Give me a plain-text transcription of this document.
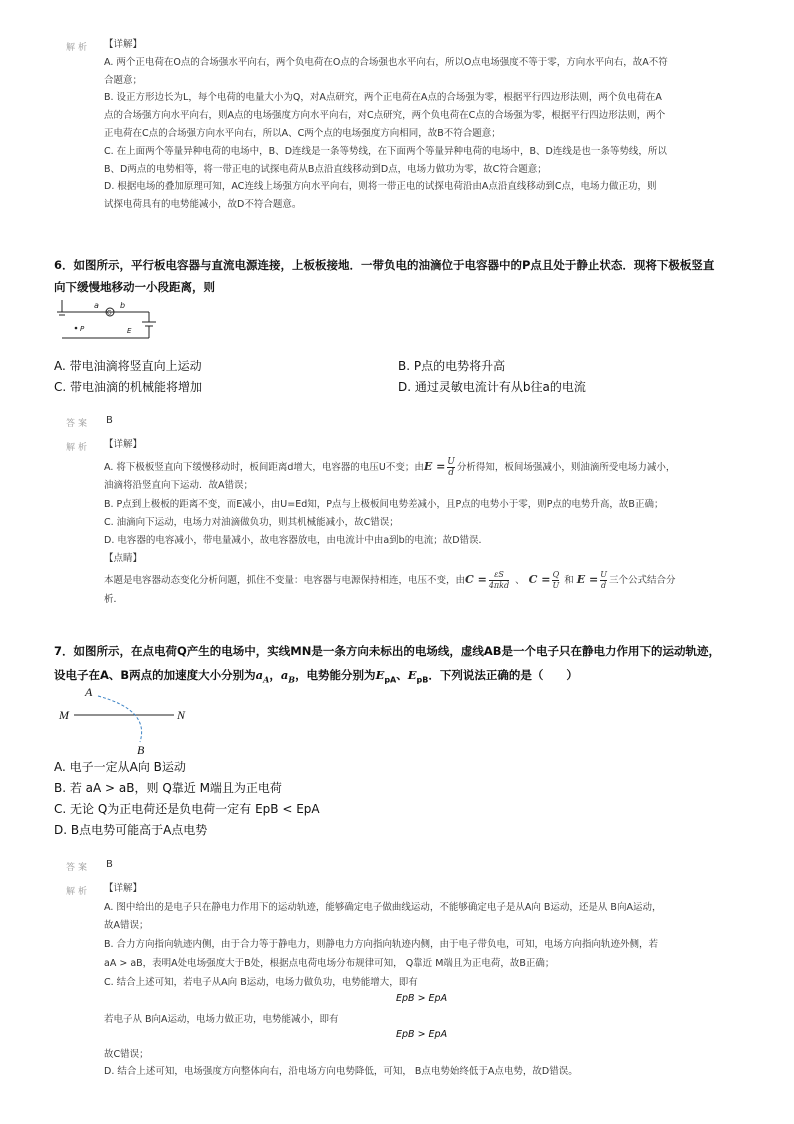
解析 【详解】
A. 两个正电荷在O点的合场强水平向右，两个负电荷在O点的合场强也水平向右，所以O点电场强度不等于零，方向水平向右，故A不符
合题意；
B. 设正方形边长为L，每个电荷的电量大小为Q，对A点研究，两个正电荷在A点的合场强为零，根据平行四边形法则，两个负电荷在A
点的合场强方向水平向右，则A点的电场强度方向水平向右，对C点研究，两个负电荷在C点的合场强为零，根据平行四边形法则，两个
正电荷在C点的合场强方向水平向右，所以A、C两个点的电场强度方向相同，故B不符合题意；
C. 在上面两个等量异种电荷的电场中，B、D连线是一条等势线，在下面两个等量异种电荷的电场中，B、D连线是也一条等势线，所以
B、D两点的电势相等，将一带正电的试探电荷从B点沿直线移动到D点，电场力做功为零，故C符合题意；
D. 根据电场的叠加原理可知，AC连线上场强方向水平向右，则将一带正电的试探电荷沿由A点沿直线移动到C点，电场力做正功，则
试探电荷具有的电势能减小，故D不符合题意。
6．如图所示，平行板电容器与直流电源连接，上板板接地．一带负电的油滴位于电容器中的P点且处于静止状态．现将下极板竖直
向下缓慢地移动一小段距离，则
a	b
G
P	E
A. 带电油滴将竖直向上运动	B. P点的电势将升高
C. 带电油滴的机械能将增加	D. 通过灵敏电流计有从b往a的电流
答案 B
解析 【详解】
A. 将下极板竖直向下缓慢移动时，板间距离d增大，电容器的电压U不变；由$E = \frac{U}{d}$ 分析得知，板间场强减小，则油滴所受电场力减小，
油滴将沿竖直向下运动．故A错误；
B. P点到上极板的距离不变，而E减小，由U=Ed知，P点与上极板间电势差减小，且P点的电势小于零，则P点的电势升高，故B正确；
C. 油滴向下运动，电场力对油滴做负功，则其机械能减小，故C错误；
D. 电容器的电容减小，带电量减小，故电容器放电，由电流计中由a到b的电流；故D错误．
【点睛】
本题是电容器动态变化分析问题，抓住不变量：电容器与电源保持相连，电压不变，由C = εS
4πkd 、 $C = \frac{Q}{U}$ 和 $E = \frac{U}{d}$ 三个公式结合分
析．
7．如图所示，在点电荷Q产生的电场中，实线MN是一条方向未标出的电场线，虚线AB是一个电子只在静电力作用下的运动轨迹，
设电子在A、B两点的加速度大小分别为$a_A$，$a_B$，电势能分别为$E_{pA}$、$E_{pB}$．下列说法正确的是（　　）
M	N
A
B
A. 电子一定从A向 B运动
B. 若 aA > aB，则 Q靠近 M端且为正电荷
C. 无论 Q为正电荷还是负电荷一定有 EpB < EpA
D. B点电势可能高于A点电势
答案 B
解析 【详解】
A. 图中给出的是电子只在静电力作用下的运动轨迹，能够确定电子做曲线运动，不能够确定电子是从A向 B运动，还是从 B向A运动，
故A错误；
B. 合力方向指向轨迹内侧，由于合力等于静电力，则静电力方向指向轨迹内侧，由于电子带负电，可知，电场方向指向轨迹外侧，若
aA > aB，表明A处电场强度大于B处，根据点电荷电场分布规律可知， Q靠近 M端且为正电荷，故B正确；
C. 结合上述可知，若电子从A向 B运动，电场力做负功，电势能增大，即有
EpB > EpA
若电子从 B向A运动，电场力做正功，电势能减小，即有
EpB > EpA
故C错误；
D. 结合上述可知，电场强度方向整体向右，沿电场方向电势降低，可知， B点电势始终低于A点电势，故D错误。
